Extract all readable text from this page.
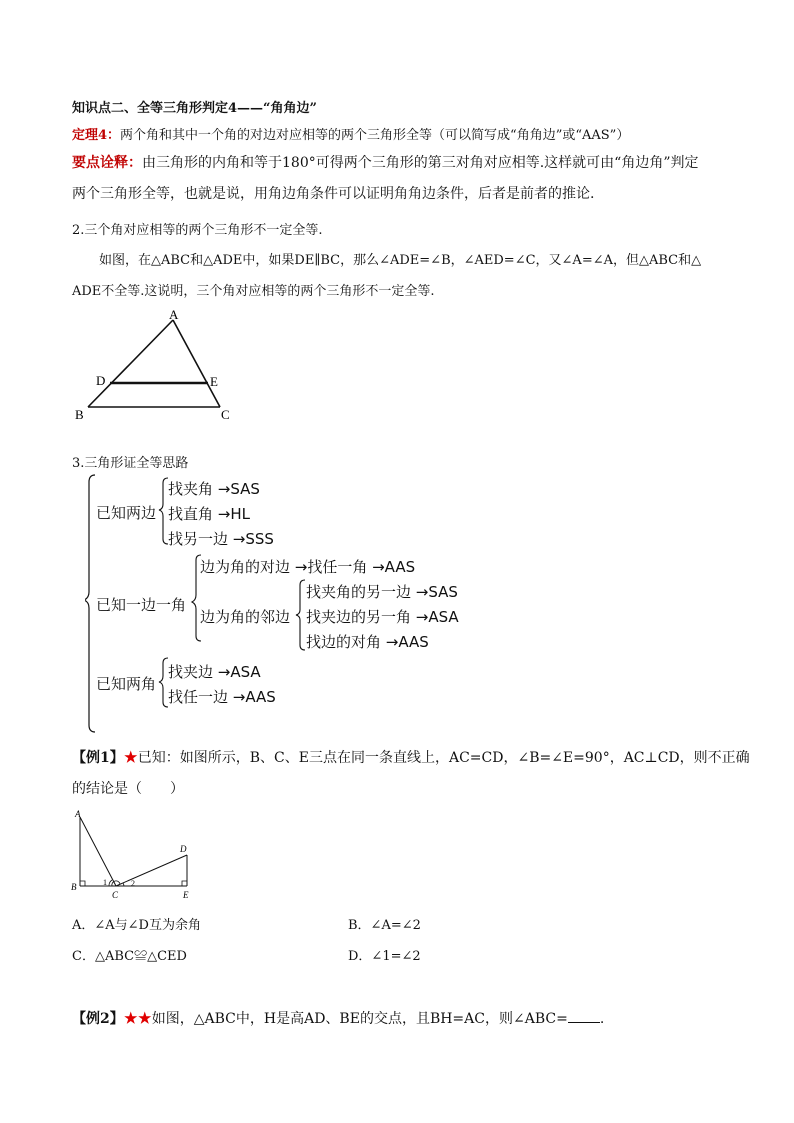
知识点二、全等三角形判定4——“角角边”
定理4：两个角和其中一个角的对边对应相等的两个三角形全等（可以简写成“角角边”或“AAS”）
要点诠释：由三角形的内角和等于180°可得两个三角形的第三对角对应相等.这样就可由“角边角”判定
两个三角形全等，也就是说，用角边角条件可以证明角角边条件，后者是前者的推论.
2.三个角对应相等的两个三角形不一定全等.
如图，在△ABC和△ADE中，如果DE∥BC，那么∠ADE=∠B，∠AED=∠C，又∠A=∠A，但△ABC和△
ADE不全等.这说明，三个角对应相等的两个三角形不一定全等.
A
B	C
D	E
3.三角形证全等思路
已知两边
找夹角 →SAS
找直角 →HL
找另一边 →SSS
已知一边一角
边为角的对边 →找任一角 →AAS
边为角的邻边
找夹角的另一边 →SAS
找夹边的另一角 →ASA
找边的对角 →AAS
已知两角
找夹边 →ASA
找任一边 →AAS
【例1】★已知：如图所示，B、C、E三点在同一条直线上，AC=CD，∠B=∠E=90°，AC⊥CD，则不正确
的结论是（　　）
A
B
C
D
E
1	2
A．∠A与∠D互为余角	B．∠A=∠2
C．△ABC≌△CED	D．∠1=∠2
【例2】★★如图，△ABC中，H是高AD、BE的交点，且BH=AC，则∠ABC= .
